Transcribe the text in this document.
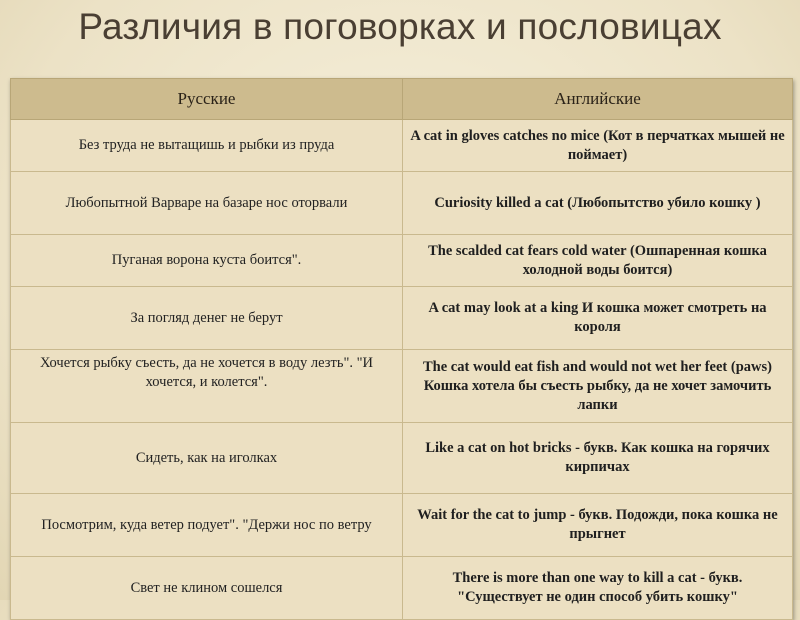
Различия в поговорках и пословицах
Русские	Английские
Без труда не вытащишь и рыбки из пруда	A cat in gloves catches no mice (Кот в перчатках мышей не поймает)
Любопытной Варваре на базаре нос оторвали	Curiosity killed a cat (Любопытство убило кошку )
Пуганая ворона куста боится".	The scalded cat fears cold water (Ошпаренная кошка холодной воды боится)
За погляд денег не берут	A cat may look at a king И кошка может смотреть на короля
Хочется рыбку съесть, да не хочется в воду лезть". "И хочется, и колется".	The cat would eat fish and would not wet her feet (paws) Кошка хотела бы съесть рыбку, да не хочет замочить лапки
Сидеть, как на иголках	Like a cat on hot bricks - букв. Как кошка на горячих кирпичах
Посмотрим, куда ветер подует". "Держи нос по ветру	Wait for the cat to jump - букв. Подожди, пока кошка не прыгнет
Свет не клином сошелся	There is more than one way to kill a cat - букв. "Существует не один способ убить кошку"
